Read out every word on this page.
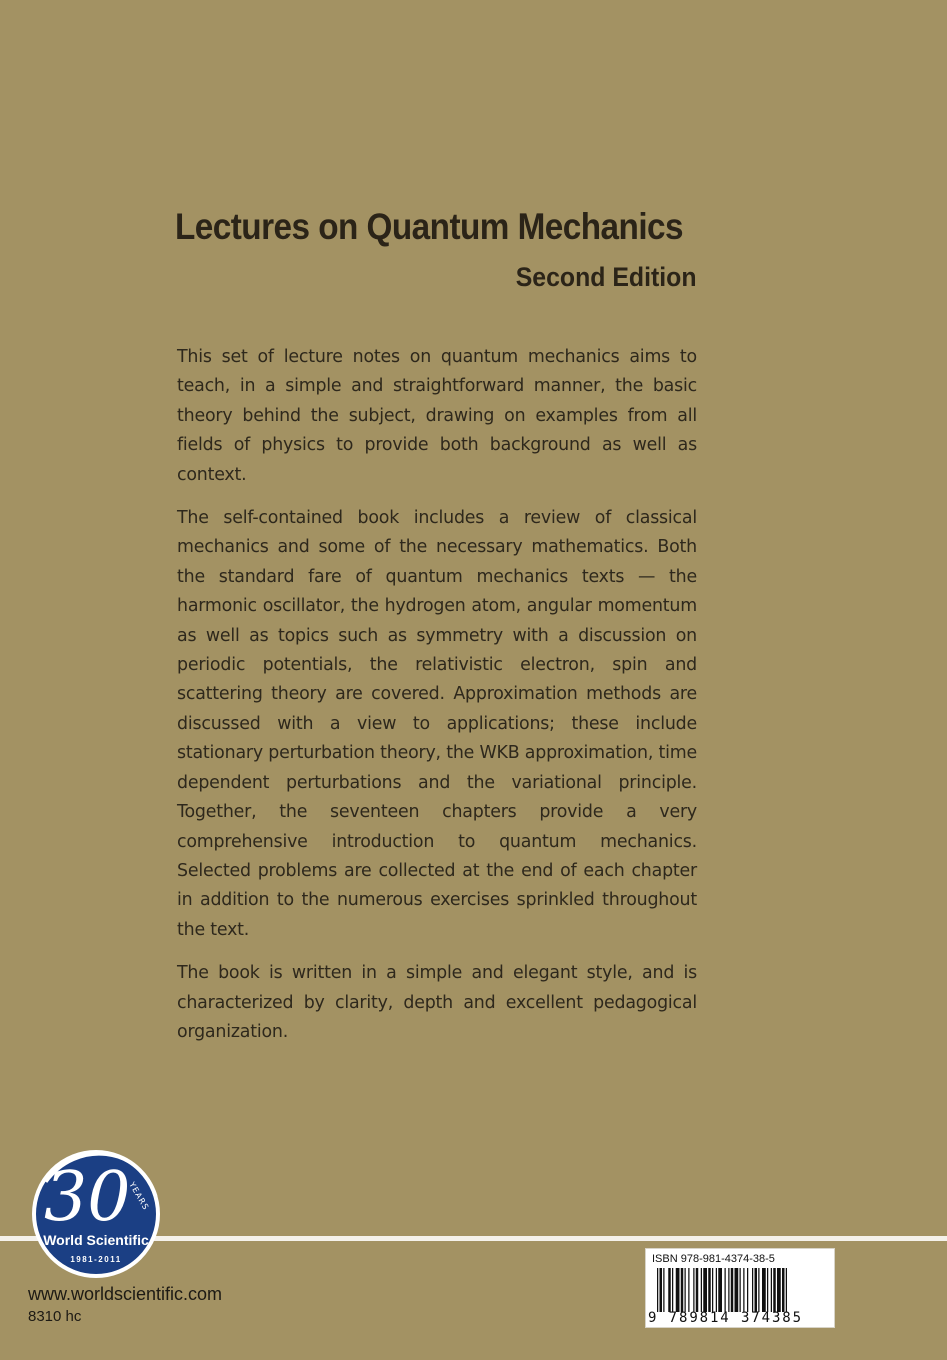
Lectures on Quantum Mechanics
Second Edition

This set of lecture notes on quantum mechanics aims to teach, in a simple and straightforward manner, the basic theory behind the subject, drawing on examples from all fields of physics to provide both background as well as context.

The self-contained book includes a review of classical mechanics and some of the necessary mathematics. Both the standard fare of quantum mechanics texts — the harmonic oscillator, the hydrogen atom, angular momentum as well as topics such as symmetry with a discussion on periodic potentials, the relativistic electron, spin and scattering theory are covered. Approximation methods are discussed with a view to applications; these include stationary perturbation theory, the WKB approximation, time dependent perturbations and the variational principle. Together, the seventeen chapters provide a very comprehensive introduction to quantum mechanics. Selected problems are collected at the end of each chapter in addition to the numerous exercises sprinkled throughout the text.

The book is written in a simple and elegant style, and is characterized by clarity, depth and excellent pedagogical organization.

30
YEARS
World Scientific
1981-2011

www.worldscientific.com

8310 hc

ISBN 978-981-4374-38-5

9 789814 374385
